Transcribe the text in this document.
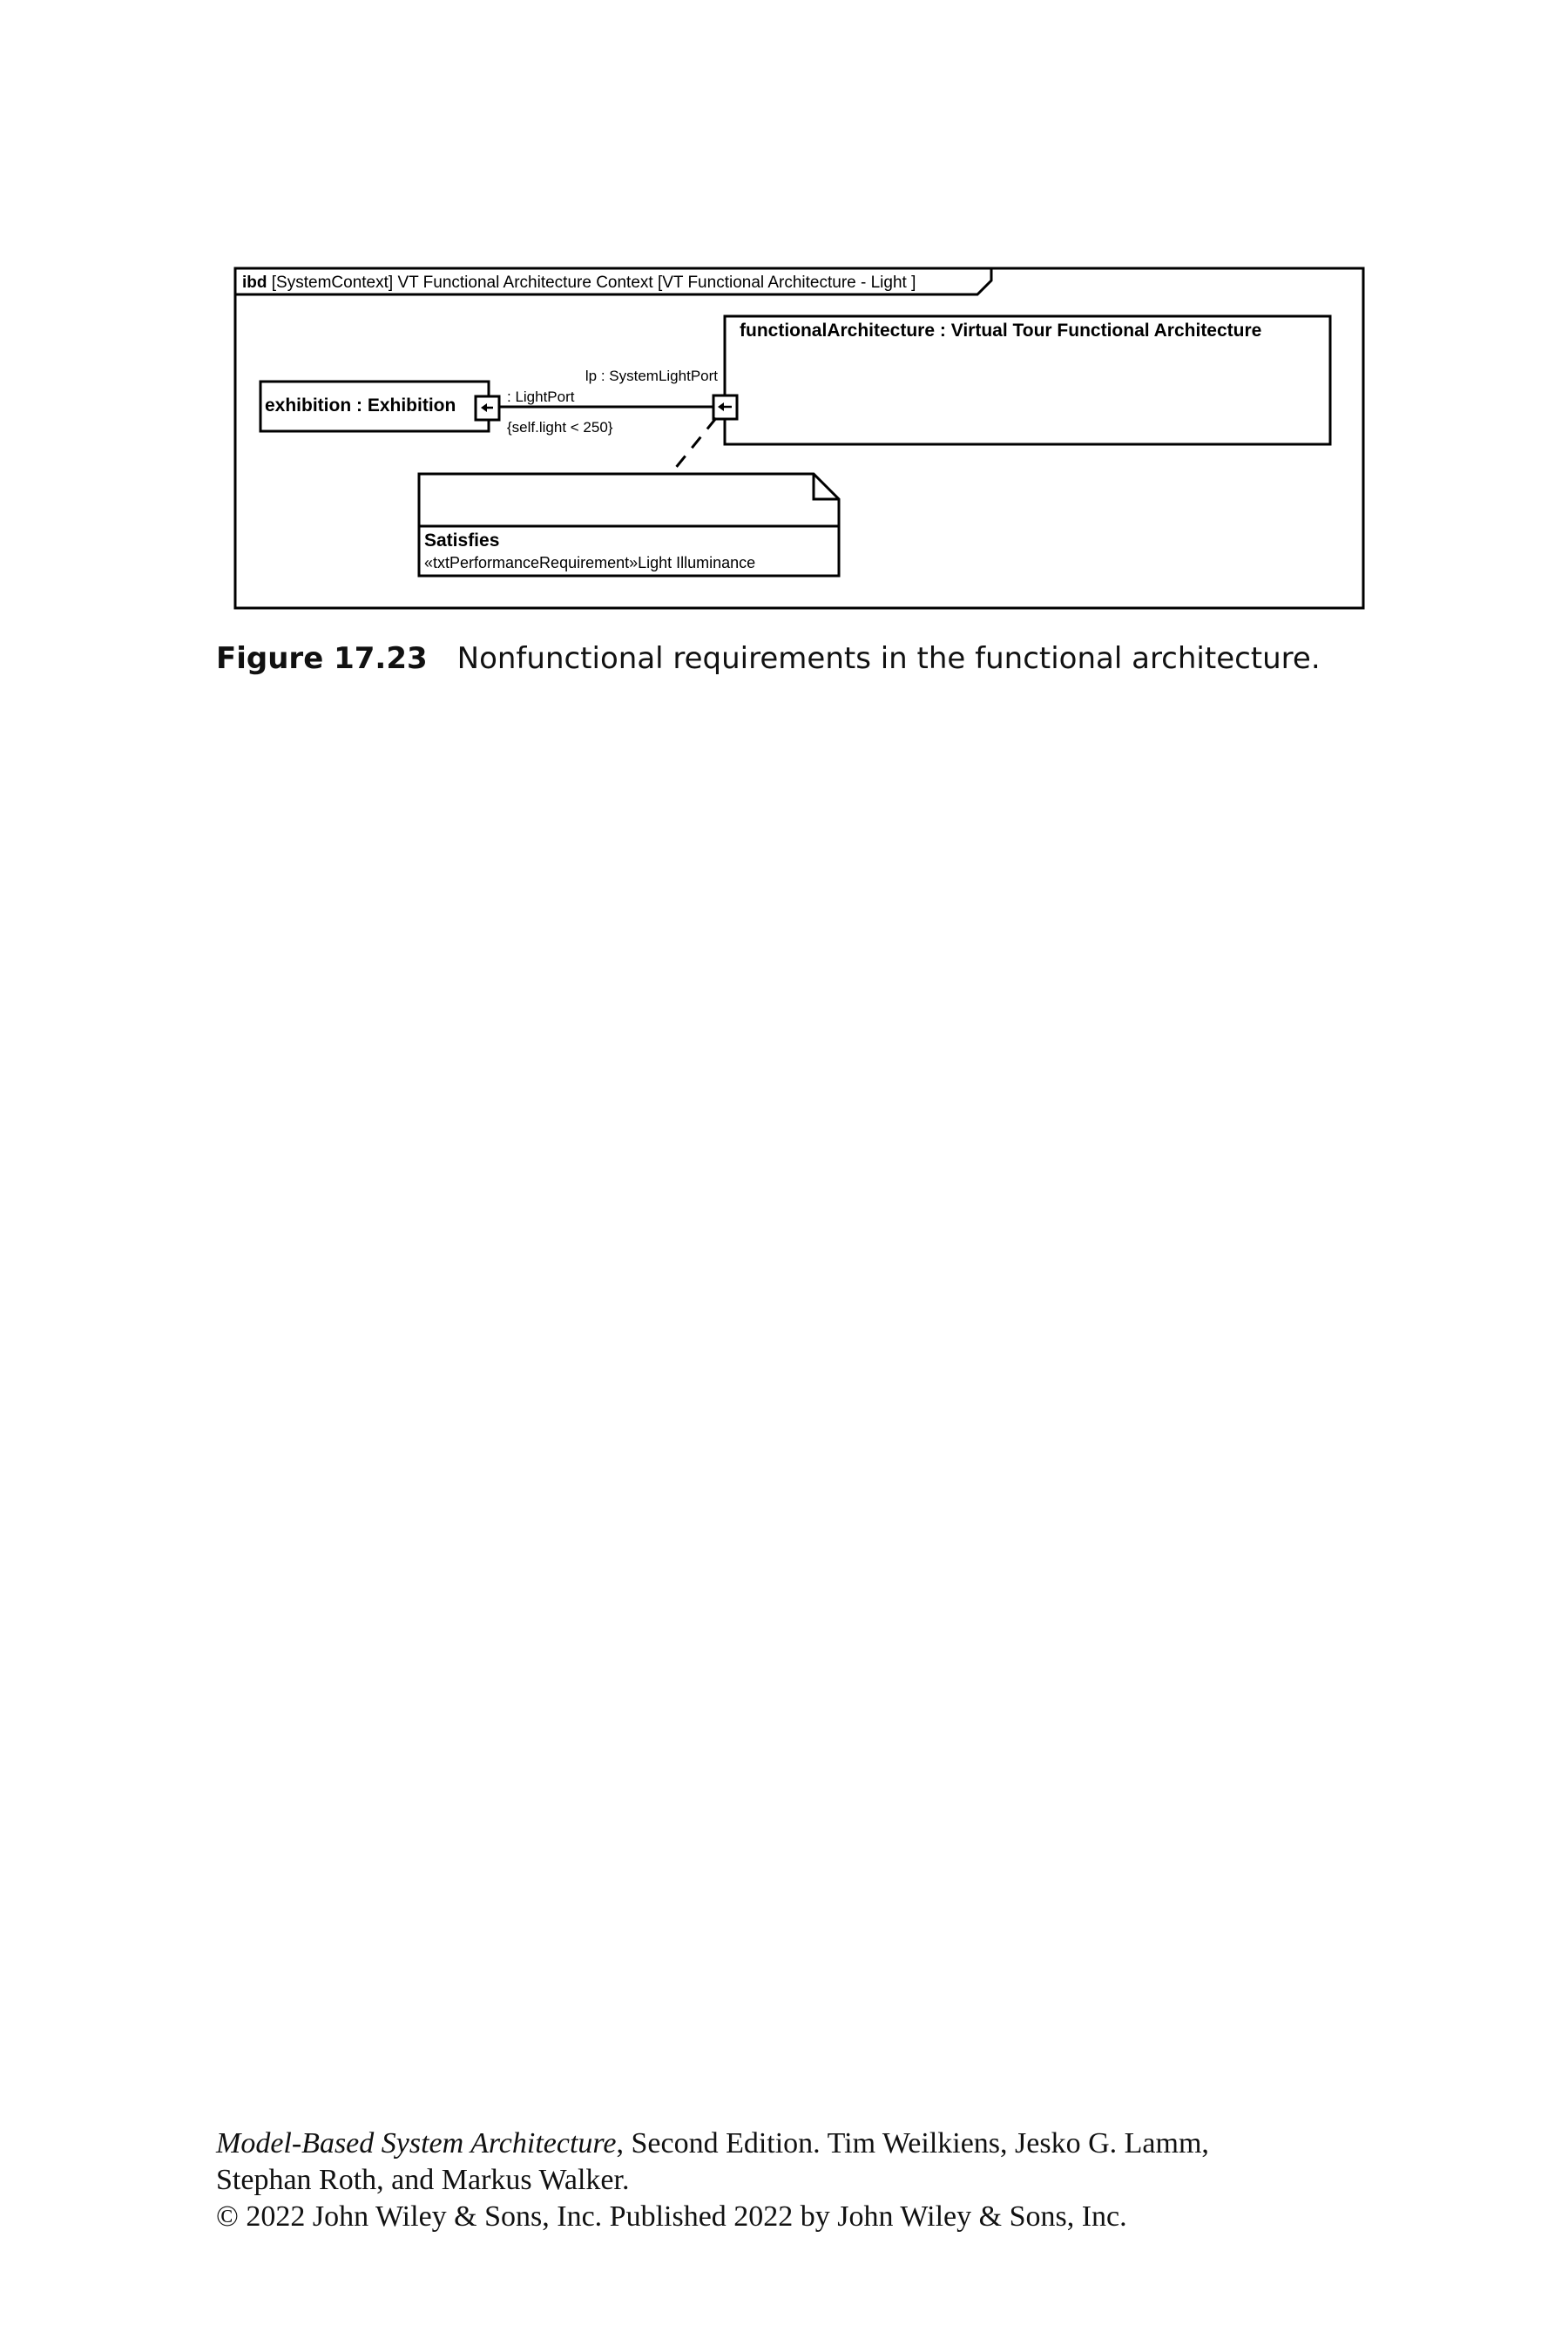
ibd [SystemContext] VT Functional Architecture Context [VT Functional Architecture - Light ]
exhibition : Exhibition
functionalArchitecture : Virtual Tour Functional Architecture
: LightPort
{self.light < 250}
lp : SystemLightPort
Satisfies
«txtPerformanceRequirement»Light Illuminance

Figure 17.23 Nonfunctional requirements in the functional architecture.

Model-Based System Architecture, Second Edition. Tim Weilkiens, Jesko G. Lamm,
Stephan Roth, and Markus Walker.
© 2022 John Wiley & Sons, Inc. Published 2022 by John Wiley & Sons, Inc.
